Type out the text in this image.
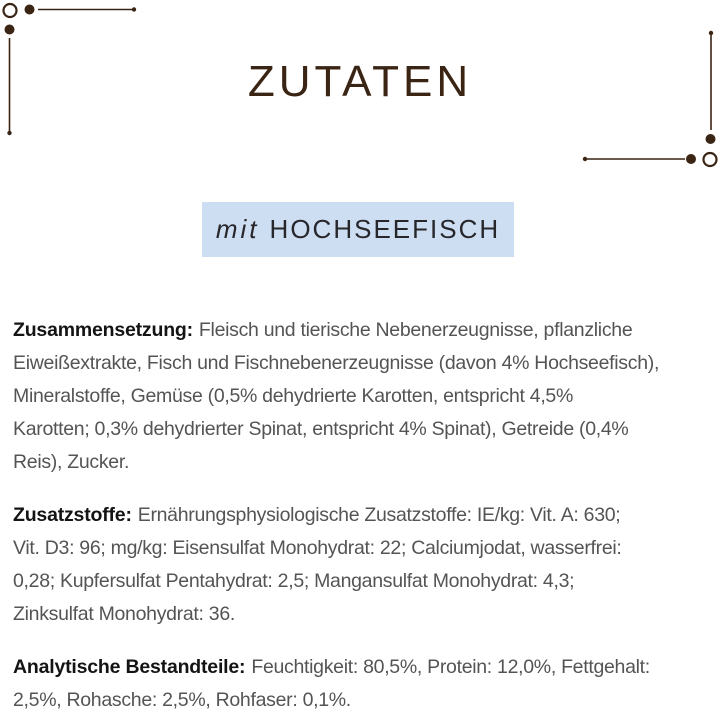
ZUTATEN
mit HOCHSEEFISCH
Zusammensetzung: Fleisch und tierische Nebenerzeugnisse, pflanzliche
Eiweißextrakte, Fisch und Fischnebenerzeugnisse (davon 4% Hochseefisch),
Mineralstoffe, Gemüse (0,5% dehydrierte Karotten, entspricht 4,5%
Karotten; 0,3% dehydrierter Spinat, entspricht 4% Spinat), Getreide (0,4%
Reis), Zucker.
Zusatzstoffe: Ernährungsphysiologische Zusatzstoffe: IE/kg: Vit. A: 630;
Vit. D3: 96; mg/kg: Eisensulfat Monohydrat: 22; Calciumjodat, wasserfrei:
0,28; Kupfersulfat Pentahydrat: 2,5; Mangansulfat Monohydrat: 4,3;
Zinksulfat Monohydrat: 36.
Analytische Bestandteile: Feuchtigkeit: 80,5%, Protein: 12,0%, Fettgehalt:
2,5%, Rohasche: 2,5%, Rohfaser: 0,1%.
